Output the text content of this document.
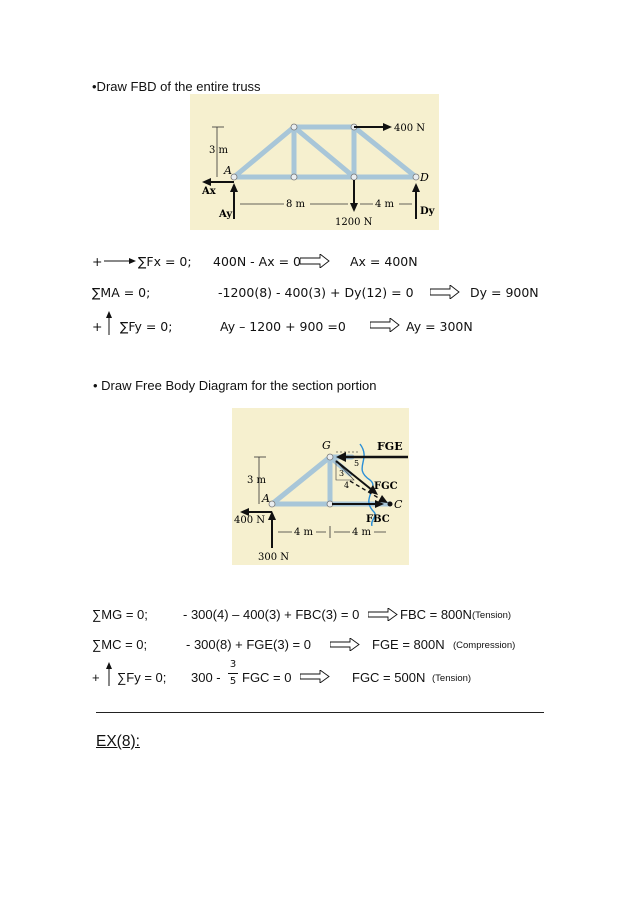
•Draw FBD of the entire truss
400 N
3 m
A
D
Ax
Ay	Dy
1200 N
8 m	4 m
+	∑Fx = 0; 400N - Ax = 0	Ax = 400N
∑MA = 0;	-1200(8) - 400(3) + Dy(12) = 0	Dy = 900N
+ ∑Fy = 0;	Ay – 1200 + 900 =0	Ay = 300N
• Draw Free Body Diagram for the section portion
FGE
5
4
3
FGC
FBC
C
G
A
3 m
400 N
300 N
4 m	4 m
∑MG = 0;	- 300(4) – 400(3) + FBC(3) = 0	FBC = 800N (Tension)
∑MC = 0;	- 300(8) + FGE(3) = 0	FGE = 800N (Compression)
+ ∑Fy = 0; 300 -
3
5 FGC = 0	FGC = 500N (Tension)
EX(8):
